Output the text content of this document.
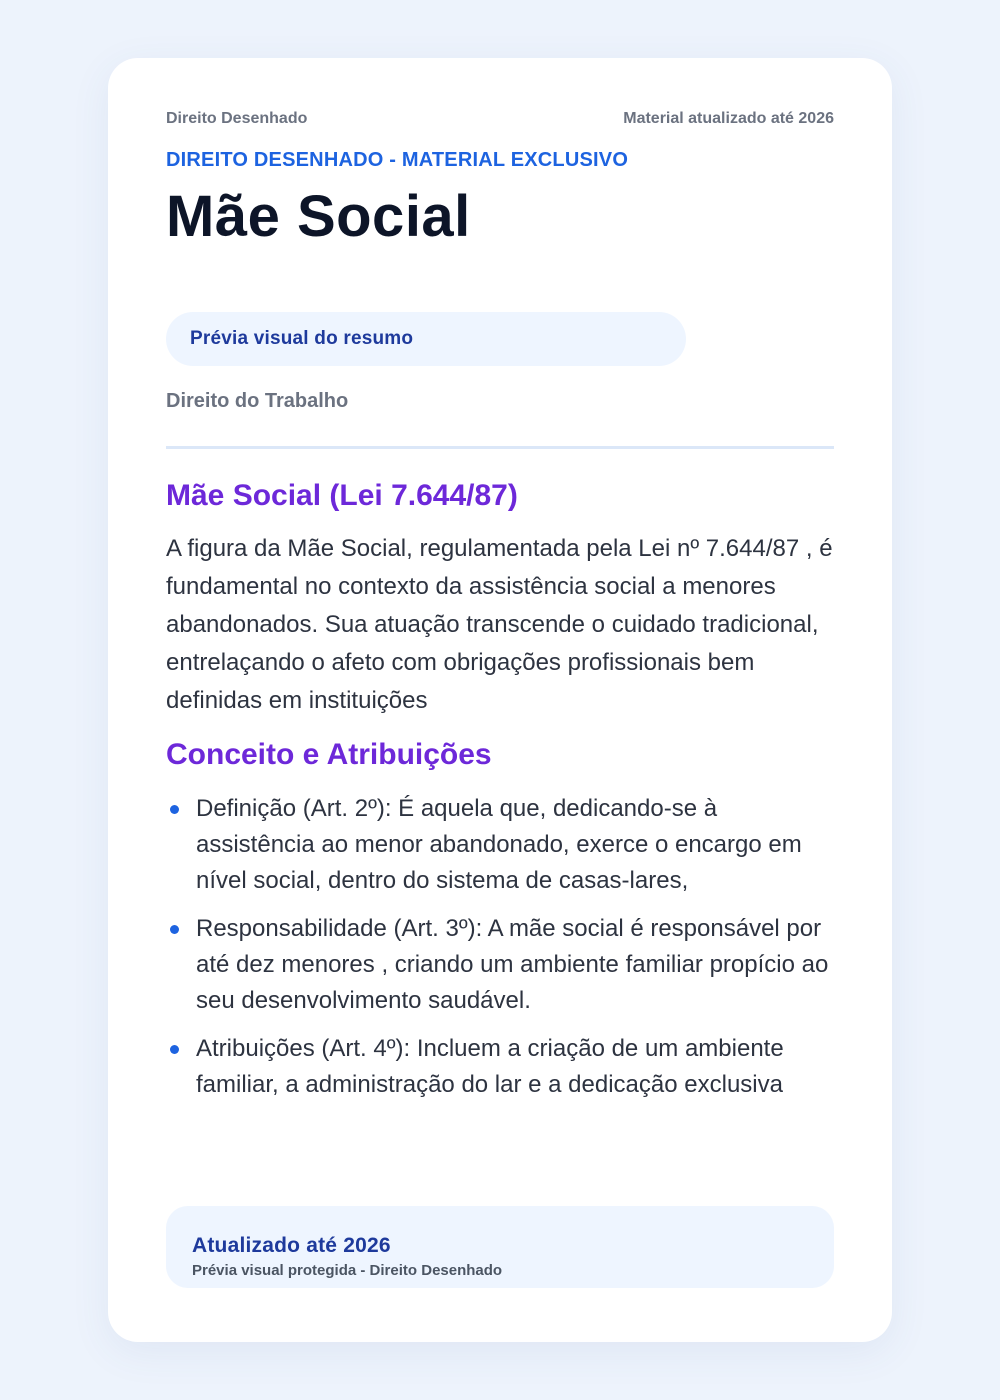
Direito Desenhado	Material atualizado até 2026
DIREITO DESENHADO - MATERIAL EXCLUSIVO
Mãe Social
Prévia visual do resumo
Direito do Trabalho
Mãe Social (Lei 7.644/87)

A figura da Mãe Social, regulamentada pela Lei nº 7.644/87 , é fundamental no contexto da assistência social a menores abandonados. Sua atuação transcende o cuidado tradicional, entrelaçando o afeto com obrigações profissionais bem definidas em instituições

Conceito e Atribuições
Definição (Art. 2º): É aquela que, dedicando-se à assistência ao menor abandonado, exerce o encargo em nível social, dentro do sistema de casas-lares,
Responsabilidade (Art. 3º): A mãe social é responsável por até dez menores , criando um ambiente familiar propício ao seu desenvolvimento saudável.
Atribuições (Art. 4º): Incluem a criação de um ambiente familiar, a administração do lar e a dedicação exclusiva
Atualizado até 2026
Prévia visual protegida - Direito Desenhado
